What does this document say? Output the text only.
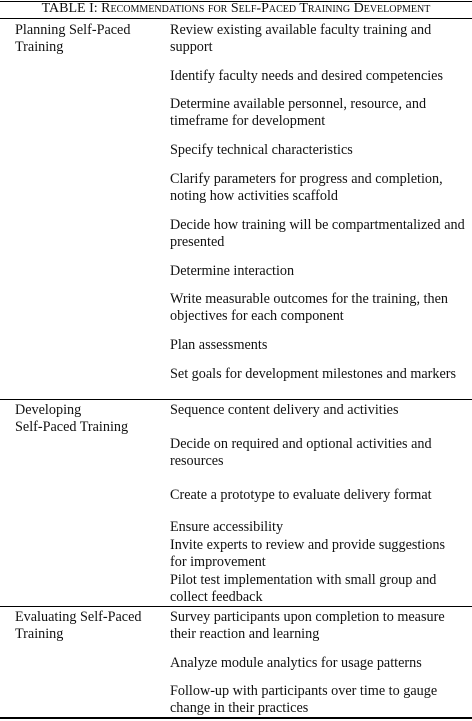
TABLE I: Recommendations for Self-Paced Training Development
Planning Self-Paced
Training
Review existing available faculty training and support
Identify faculty needs and desired competencies
Determine available personnel, resource, and timeframe for development
Specify technical characteristics
Clarify parameters for progress and completion, noting how activities scaffold
Decide how training will be compartmentalized and presented
Determine interaction
Write measurable outcomes for the training, then objectives for each component
Plan assessments
Set goals for development milestones and markers
Developing
Self-Paced Training
Sequence content delivery and activities
Decide on required and optional activities and resources
Create a prototype to evaluate delivery format
Ensure accessibility
Invite experts to review and provide suggestions for improvement
Pilot test implementation with small group and collect feedback
Evaluating Self-Paced
Training
Survey participants upon completion to measure their reaction and learning
Analyze module analytics for usage patterns
Follow-up with participants over time to gauge change in their practices
